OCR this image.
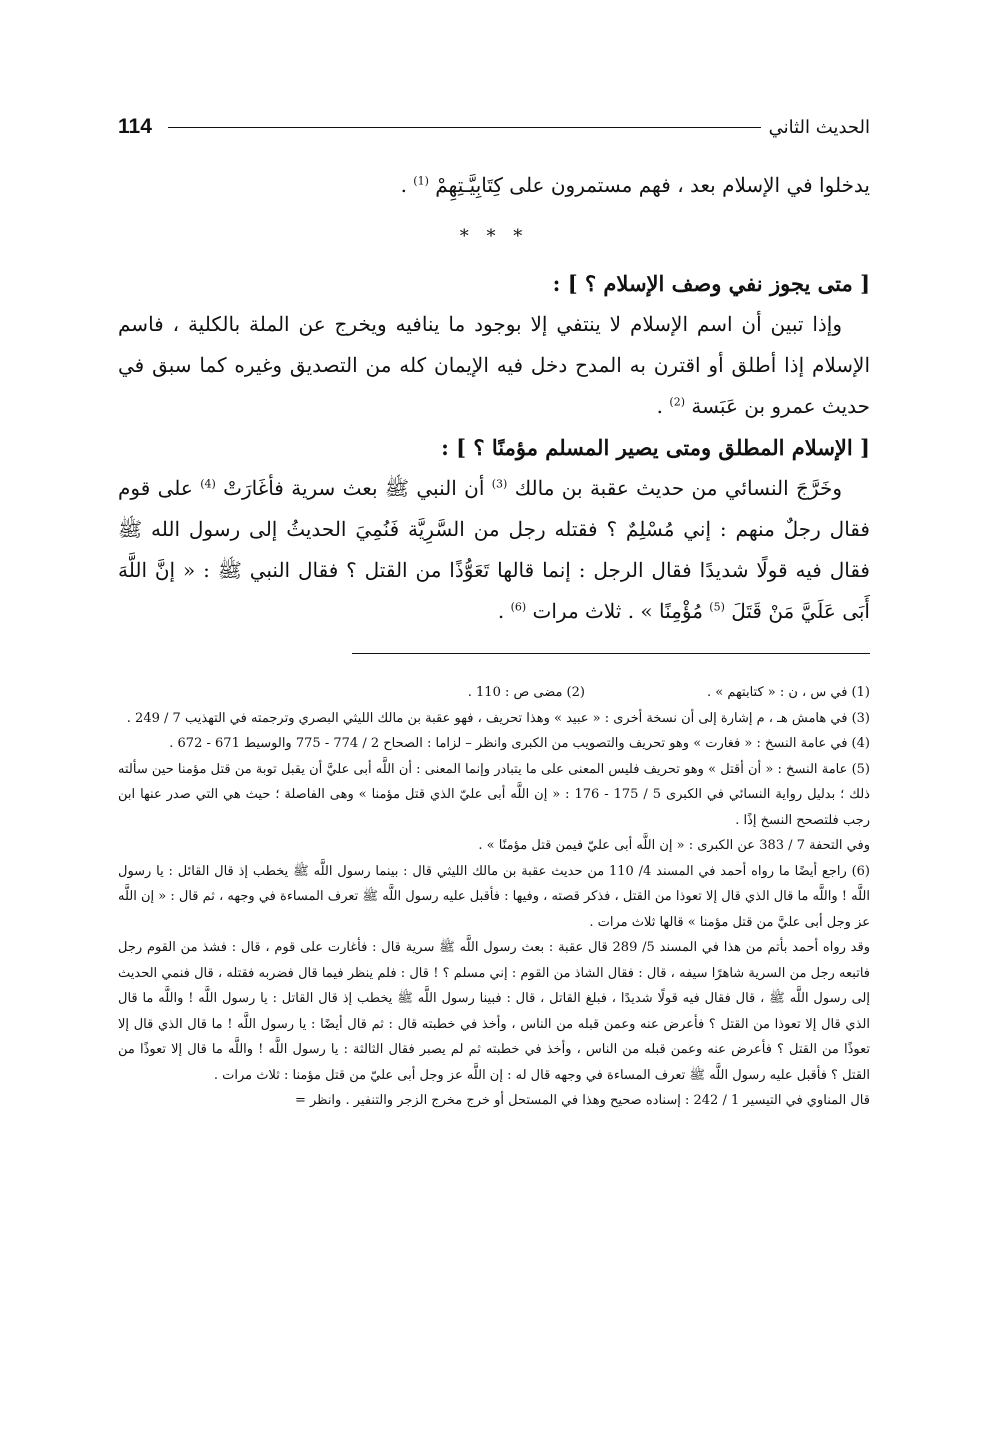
114	الحديث الثاني

يدخلوا في الإسلام بعد ، فهم مستمرون على كِتَابِيَّـتِهِمْ $^{(1)}$ .

* * *

[ متى يجوز نفي وصف الإسلام ؟ ] :

وإذا تبين أن اسم الإسلام لا ينتفي إلا بوجود ما ينافيه ويخرج عن الملة بالكلية ، فاسم الإسلام إذا أطلق أو اقترن به المدح دخل فيه الإيمان كله من التصديق وغيره كما سبق في حديث عمرو بن عَبَسة $^{(2)}$ .

[ الإسلام المطلق ومتى يصير المسلم مؤمنًا ؟ ] :

وخَرَّجَ النسائي من حديث عقبة بن مالك $^{(3)}$ أن النبي ﷺ بعث سرية فأغَارَتْ $^{(4)}$ على قوم فقال رجلٌ منهم : إني مُسْلِمٌ ؟ فقتله رجل من السَّرِيَّة فَنُمِيَ الحديثُ إلى رسول الله ﷺ فقال فيه قولًا شديدًا فقال الرجل : إنما قالها تَعَوُّذًا من القتل ؟ فقال النبي ﷺ : « إنَّ اللَّهَ أَبَى عَلَيَّ مَنْ قَتَلَ $^{(5)}$ مُؤْمِنًا » . ثلاث مرات $^{(6)}$ .

(1) في س ، ن : « كتابتهم » .
(2) مضى ص : 110 .

(3) في هامش هـ ، م إشارة إلى أن نسخة أخرى : « عبيد » وهذا تحريف ، فهو عقبة بن مالك الليثي البصري وترجمته في التهذيب 7 / 249 .

(4) في عامة النسخ : « فغارت » وهو تحريف والتصويب من الكبرى وانظر – لزاما : الصحاح 2 / 774 - 775 والوسيط 671 - 672 .

(5) عامة النسخ : « أن أقتل » وهو تحريف فليس المعنى على ما يتبادر وإنما المعنى : أن اللَّه أبى عليَّ أن يقبل توبة من قتل مؤمنا حين سألته ذلك ؛ بدليل رواية النسائي في الكبرى 5 / 175 - 176 : « إن اللَّه أبى عليّ الذي قتل مؤمنا » وهى الفاصلة ؛ حيث هي التي صدر عنها ابن رجب فلتصحح النسخ إذًا .

وفي التحفة 7 / 383 عن الكبرى : « إن اللَّه أبى عليّ فيمن قتل مؤمنًا » .

(6) راجع أيضًا ما رواه أحمد في المسند 4/ 110 من حديث عقبة بن مالك الليثي قال : بينما رسول اللَّه ﷺ يخطب إذ قال القائل : يا رسول اللَّه ! واللَّه ما قال الذي قال إلا تعوذا من القتل ، فذكر قصته ، وفيها : فأقبل عليه رسول اللَّه ﷺ تعرف المساءة في وجهه ، ثم قال : « إن اللَّه عز وجل أبى عليَّ من قتل مؤمنا » قالها ثلاث مرات .

وقد رواه أحمد بأتم من هذا في المسند 5/ 289 قال عقبة : بعث رسول اللَّه ﷺ سرية قال : فأغارت على قوم ، قال : فشذ من القوم رجل فاتبعه رجل من السرية شاهرًا سيفه ، قال : فقال الشاذ من القوم : إني مسلم ؟ ! قال : فلم ينظر فيما قال فضربه فقتله ، قال فنمي الحديث إلى رسول اللَّه ﷺ ، قال فقال فيه قولًا شديدًا ، فبلغ القاتل ، قال : فبينا رسول اللَّه ﷺ يخطب إذ قال القاتل : يا رسول اللَّه ! واللَّه ما قال الذي قال إلا تعوذا من القتل ؟ فأعرض عنه وعمن قبله من الناس ، وأخذ في خطبته قال : ثم قال أيضًا : يا رسول اللَّه ! ما قال الذي قال إلا تعوذًا من القتل ؟ فأعرض عنه وعمن قبله من الناس ، وأخذ في خطبته ثم لم يصبر فقال الثالثة : يا رسول اللَّه ! واللَّه ما قال إلا تعوذًا من القتل ؟ فأقبل عليه رسول اللَّه ﷺ تعرف المساءة في وجهه قال له : إن اللَّه عز وجل أبى عليّ من قتل مؤمنا : ثلاث مرات .

قال المناوي في التيسير 1 / 242 : إسناده صحيح وهذا في المستحل أو خرج مخرج الزجر والتنفير . وانظر =
